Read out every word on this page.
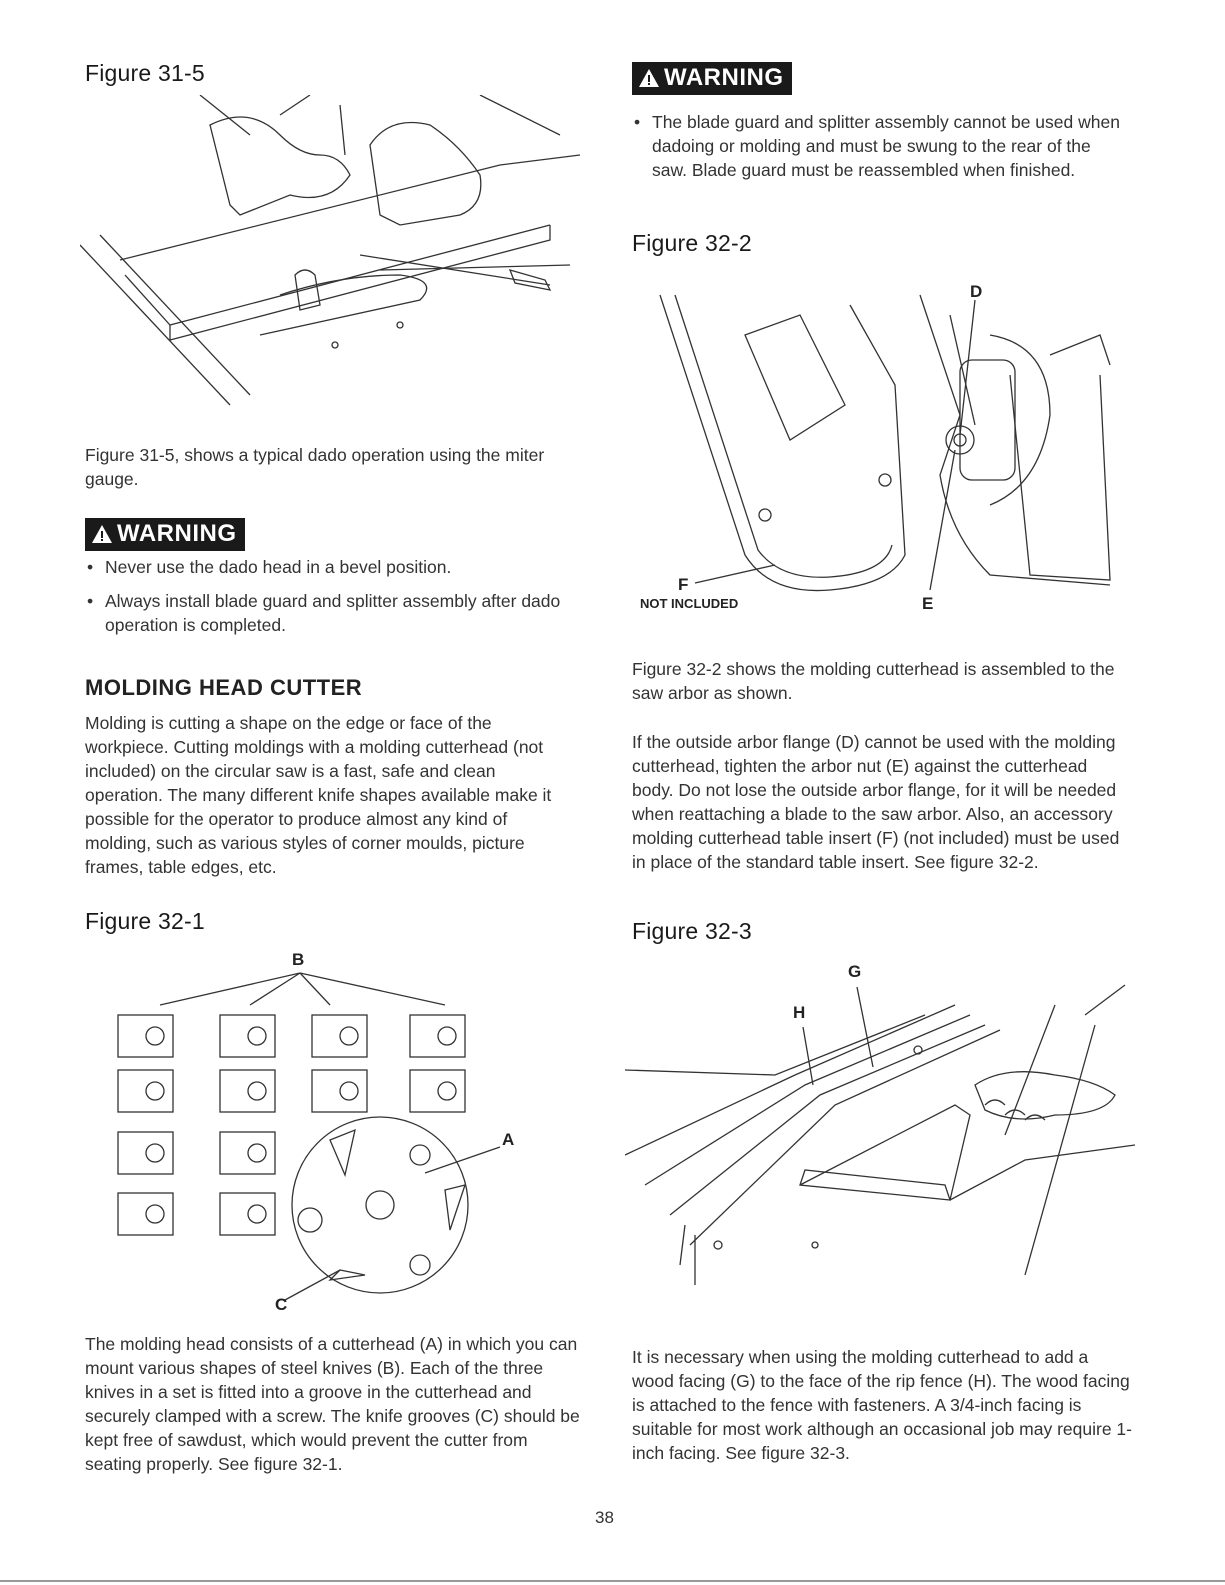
Figure 31-5

Figure 31-5, shows a typical dado operation using the miter gauge.

WARNING
• Never use the dado head in a bevel position.
• Always install blade guard and splitter assembly after dado operation is completed.
MOLDING HEAD CUTTER

Molding is cutting a shape on the edge or face of the workpiece. Cutting moldings with a molding cutterhead (not included) on the circular saw is a fast, safe and clean operation. The many different knife shapes available make it possible for the operator to produce almost any kind of molding, such as various styles of corner moulds, picture frames, table edges, etc.

Figure 32-1
B
A
C

The molding head consists of a cutterhead (A) in which you can mount various shapes of steel knives (B). Each of the three knives in a set is fitted into a groove in the cutterhead and securely clamped with a screw. The knife grooves (C) should be kept free of sawdust, which would prevent the cutter from seating properly. See figure 32-1.

WARNING
• The blade guard and splitter assembly cannot be used when dadoing or molding and must be swung to the rear of the saw. Blade guard must be reassembled when finished.
Figure 32-2
D
E
F
NOT INCLUDED

Figure 32-2 shows the molding cutterhead is assembled to the saw arbor as shown.

If the outside arbor flange (D) cannot be used with the molding cutterhead, tighten the arbor nut (E) against the cutterhead body. Do not lose the outside arbor flange, for it will be needed when reattaching a blade to the saw arbor. Also, an accessory molding cutterhead table insert (F) (not included) must be used in place of the standard table insert. See figure 32-2.

Figure 32-3
G
H

It is necessary when using the molding cutterhead to add a wood facing (G) to the face of the rip fence (H). The wood facing is attached to the fence with fasteners. A 3/4-inch facing is suitable for most work although an occasional job may require 1-inch facing. See figure 32-3.

38
